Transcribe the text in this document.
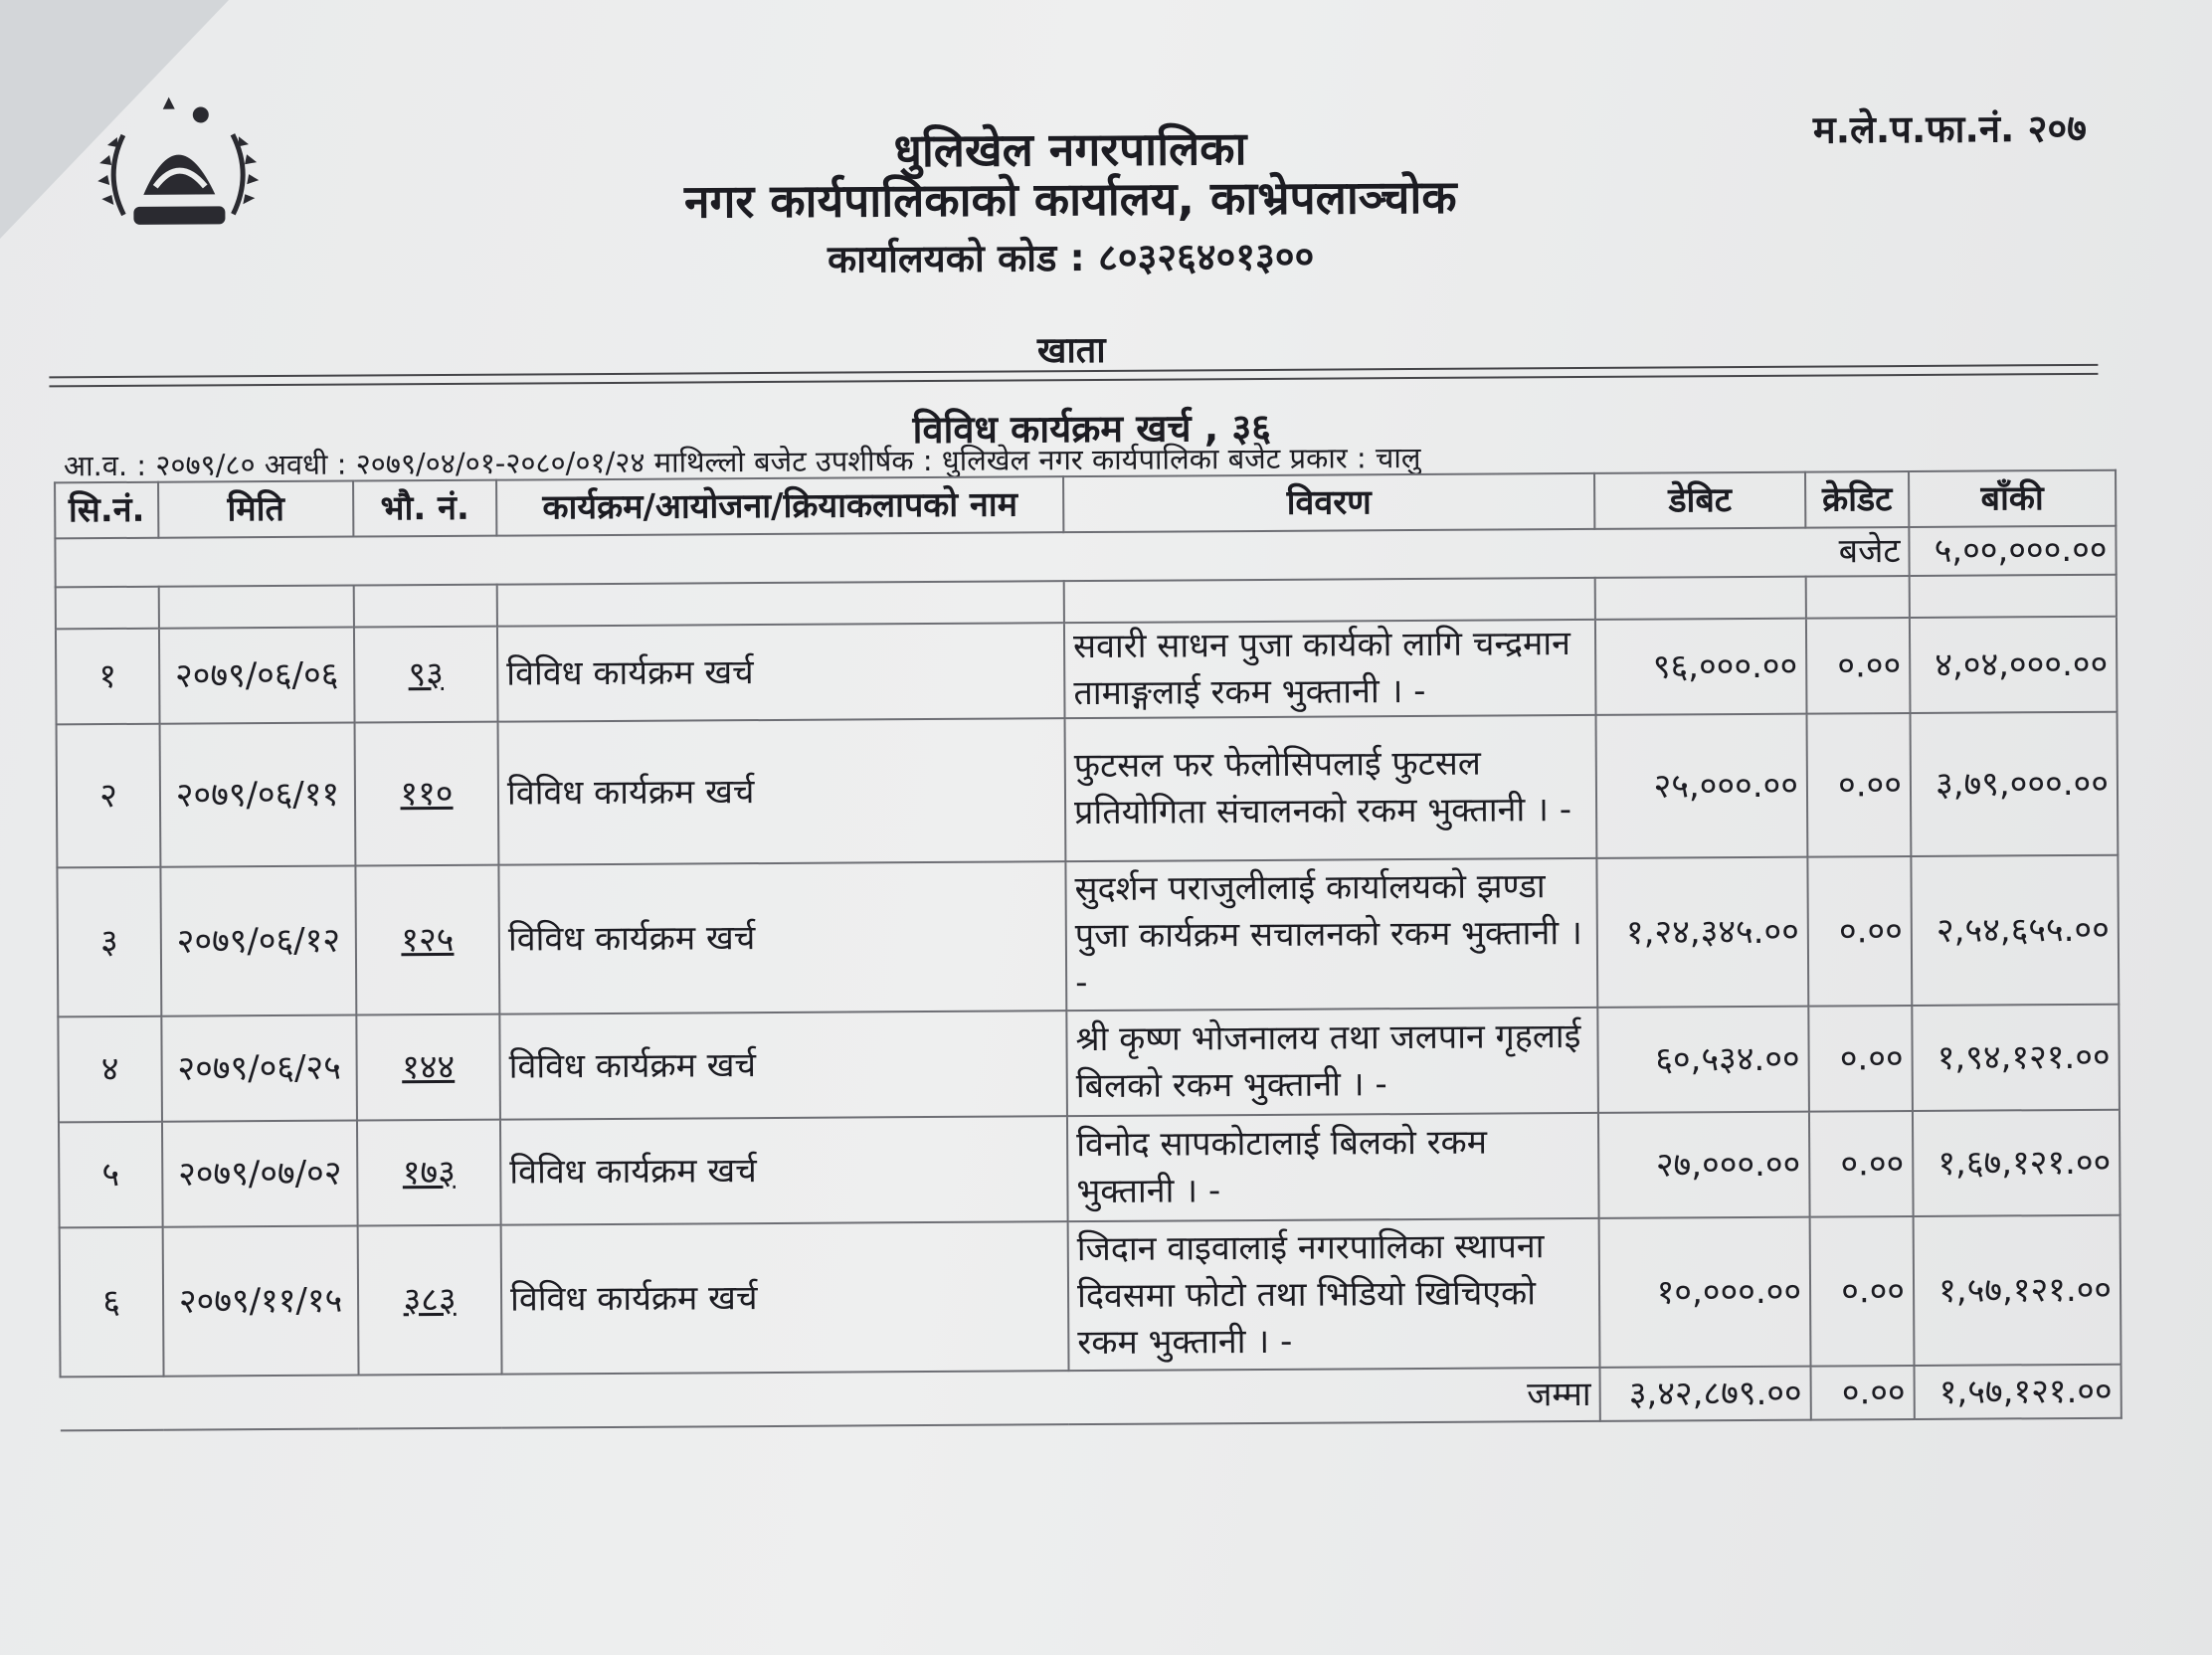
धुलिखेल नगरपालिका
नगर कार्यपालिकाको कार्यालय, काभ्रेपलाञ्चोक
कार्यालयको कोड : ८०३२६४०१३००
म.ले.प.फा.नं. २०७
खाता
विविध कार्यक्रम खर्च , ३६
आ.व. : २०७९/८० अवधी : २०७९/०४/०१-२०८०/०१/२४ माथिल्लो बजेट उपशीर्षक : धुलिखेल नगर कार्यपालिका बजेट प्रकार : चालु
सि.नं.	मिति	भौ. नं.	कार्यक्रम/आयोजना/क्रियाकलापको नाम	विवरण	डेबिट	क्रेडिट	बाँकी
बजेट							५,००,०००.००

१	२०७९/०६/०६	९३	विविध कार्यक्रम खर्च	सवारी साधन पुजा कार्यको लागि चन्द्रमान तामाङ्गलाई रकम भुक्तानी । -	९६,०००.००	०.००	४,०४,०००.००
२	२०७९/०६/११	११०	विविध कार्यक्रम खर्च	फुटसल फर फेलोसिपलाई फुटसल प्रतियोगिता संचालनको रकम भुक्तानी । -	२५,०००.००	०.००	३,७९,०००.००
३	२०७९/०६/१२	१२५	विविध कार्यक्रम खर्च	सुदर्शन पराजुलीलाई कार्यालयको झण्डा पुजा कार्यक्रम सचालनको रकम भुक्तानी । -	१,२४,३४५.००	०.००	२,५४,६५५.००
४	२०७९/०६/२५	१४४	विविध कार्यक्रम खर्च	श्री कृष्ण भोजनालय तथा जलपान गृहलाई बिलको रकम भुक्तानी । -	६०,५३४.००	०.००	१,९४,१२१.००
५	२०७९/०७/०२	१७३	विविध कार्यक्रम खर्च	विनोद सापकोटालाई बिलको रकम भुक्तानी । -	२७,०००.००	०.००	१,६७,१२१.००
६	२०७९/११/१५	३८३	विविध कार्यक्रम खर्च	जिदान वाइवालाई नगरपालिका स्थापना दिवसमा फोटो तथा भिडियो खिचिएको रकम भुक्तानी । -	१०,०००.००	०.००	१,५७,१२१.००
जम्मा					३,४२,८७९.००	०.००	१,५७,१२१.००
